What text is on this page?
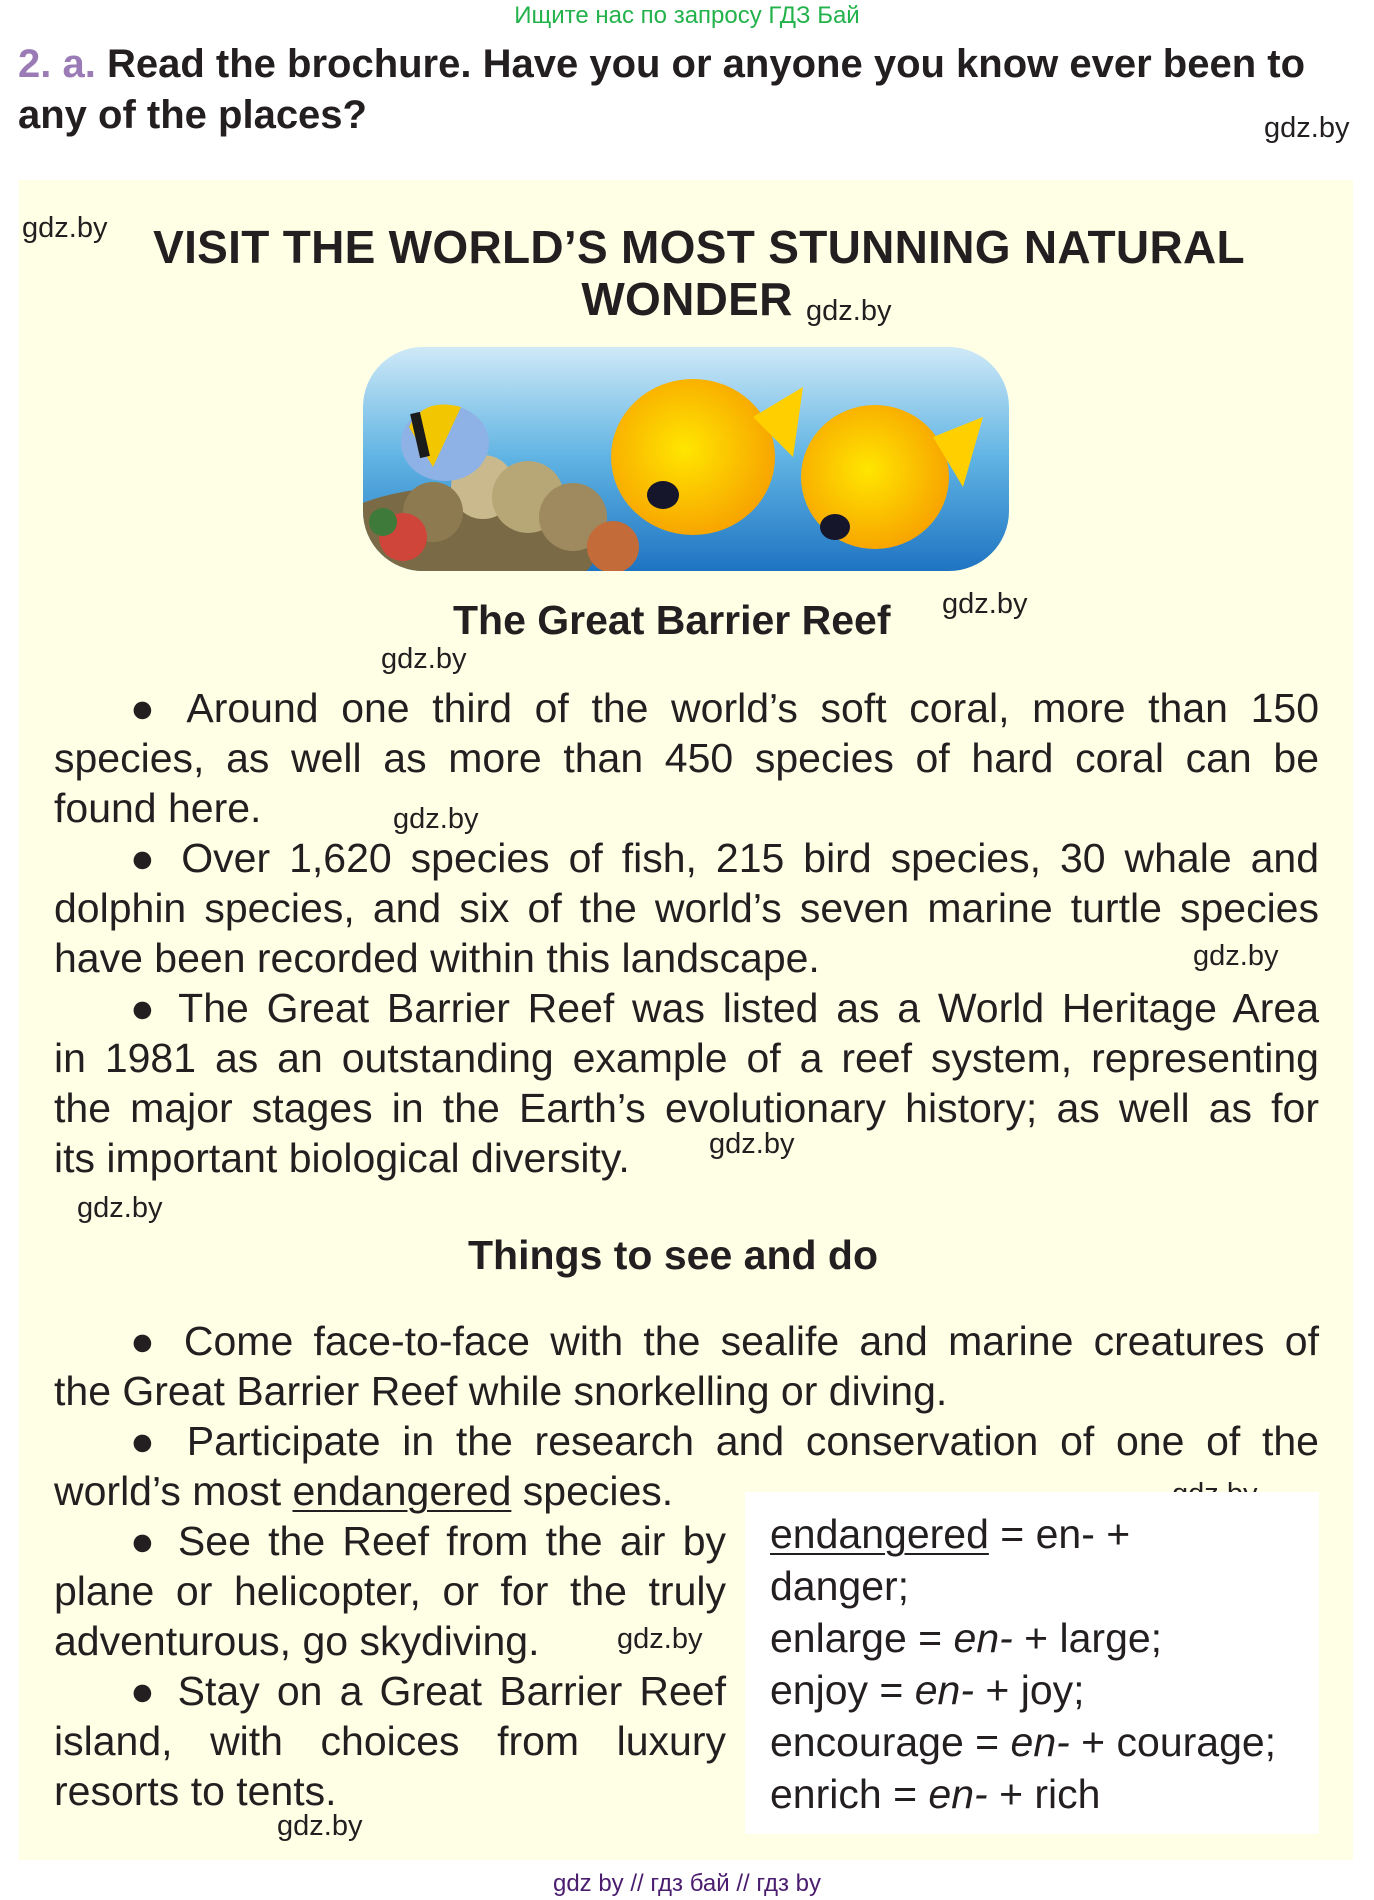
Ищите нас по запросу ГДЗ Бай
2. a. Read the brochure. Have you or anyone you know ever been to
any of the places?	gdz.by
gdz.by VISIT THE WORLD’S MOST STUNNING NATURAL
WONDER gdz.by
The Great Barrier Reef gdz.by
gdz.by
● Around one third of the world’s soft coral, more than 150
species, as well as more than 450 species of hard coral can be
found here.	gdz.by
● Over 1,620 species of fish, 215 bird species, 30 whale and
dolphin species, and six of the world’s seven marine turtle species
have been recorded within this landscape.	gdz.by
● The Great Barrier Reef was listed as a World Heritage Area
in 1981 as an outstanding example of a reef system, representing
the major stages in the Earth’s evolutionary history; as well as for
its important biological diversity.	gdz.by
gdz.by
Things to see and do
● Come face-to-face with the sealife and marine creatures of
the Great Barrier Reef while snorkelling or diving.
● Participate in the research and conservation of one of the
world’s most endangered species.
endangered = en- +
danger;
enlarge = en- + large;
enjoy = en- + joy;
encourage = en- + courage;
enrich = en- + rich
● See the Reef from the air by
plane or helicopter, or for the truly
adventurous, go skydiving.	gdz.by
● Stay on a Great Barrier Reef
island, with choices from luxury
resorts to tents.
gdz.by
gdz by // гдз бай // гдз by
